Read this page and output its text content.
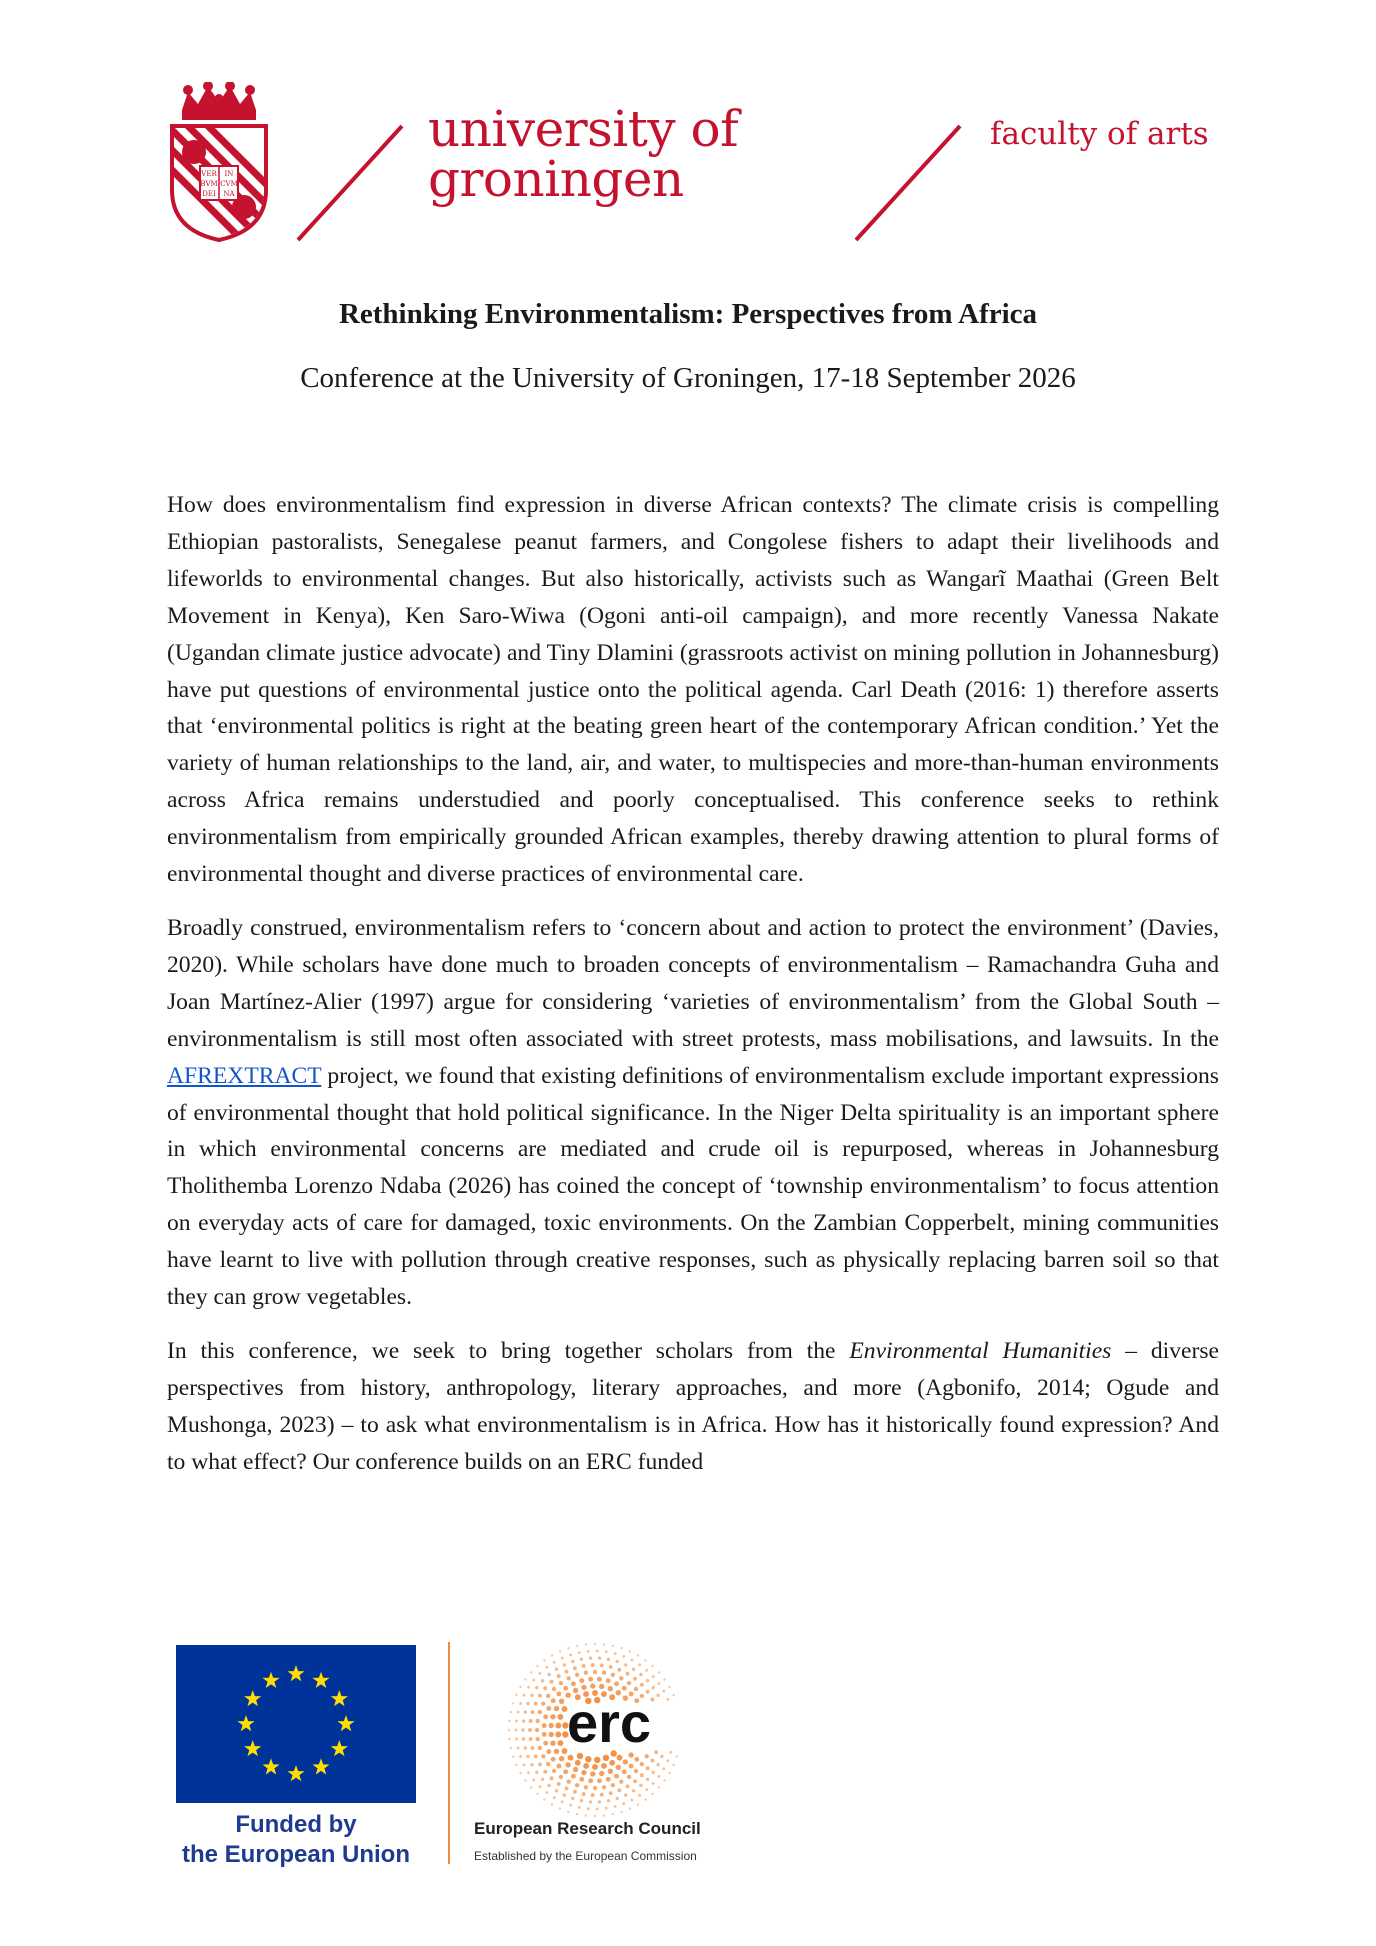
VER
BVM
DEI
IN
CVM
NA
university of
groningen
faculty of arts
Rethinking Environmentalism: Perspectives from Africa
Conference at the University of Groningen, 17-18 September 2026

How does environmentalism find expression in diverse African contexts? The climate crisis is compelling Ethiopian pastoralists, Senegalese peanut farmers, and Congolese fishers to adapt their livelihoods and lifeworlds to environmental changes. But also historically, activists such as Wangarĩ Maathai (Green Belt Movement in Kenya), Ken Saro-Wiwa (Ogoni anti-oil campaign), and more recently Vanessa Nakate (Ugandan climate justice advocate) and Tiny Dlamini (grassroots activist on mining pollution in Johannesburg) have put questions of environmental justice onto the political agenda. Carl Death (2016: 1) therefore asserts that ‘environmental politics is right at the beating green heart of the contemporary African condition.’ Yet the variety of human relationships to the land, air, and water, to multispecies and more-than-human environments across Africa remains understudied and poorly conceptualised. This conference seeks to rethink environmentalism from empirically grounded African examples, thereby drawing attention to plural forms of environmental thought and diverse practices of environmental care.

Broadly construed, environmentalism refers to ‘concern about and action to protect the environment’ (Davies, 2020). While scholars have done much to broaden concepts of environmentalism – Ramachandra Guha and Joan Martínez-Alier (1997) argue for considering ‘varieties of environmentalism’ from the Global South – environmentalism is still most often associated with street protests, mass mobilisations, and lawsuits. In the AFREXTRACT project, we found that existing definitions of environmentalism exclude important expressions of environmental thought that hold political significance. In the Niger Delta spirituality is an important sphere in which environmental concerns are mediated and crude oil is repurposed, whereas in Johannesburg Tholithemba Lorenzo Ndaba (2026) has coined the concept of ‘township environmentalism’ to focus attention on everyday acts of care for damaged, toxic environments. On the Zambian Copperbelt, mining communities have learnt to live with pollution through creative responses, such as physically replacing barren soil so that they can grow vegetables.

In this conference, we seek to bring together scholars from the Environmental Humanities – diverse perspectives from history, anthropology, literary approaches, and more (Agbonifo, 2014; Ogude and Mushonga, 2023) – to ask what environmentalism is in Africa. How has it historically found expression? And to what effect? Our conference builds on an ERC funded

Funded by
the European Union
erc
European Research Council
Established by the European Commission
